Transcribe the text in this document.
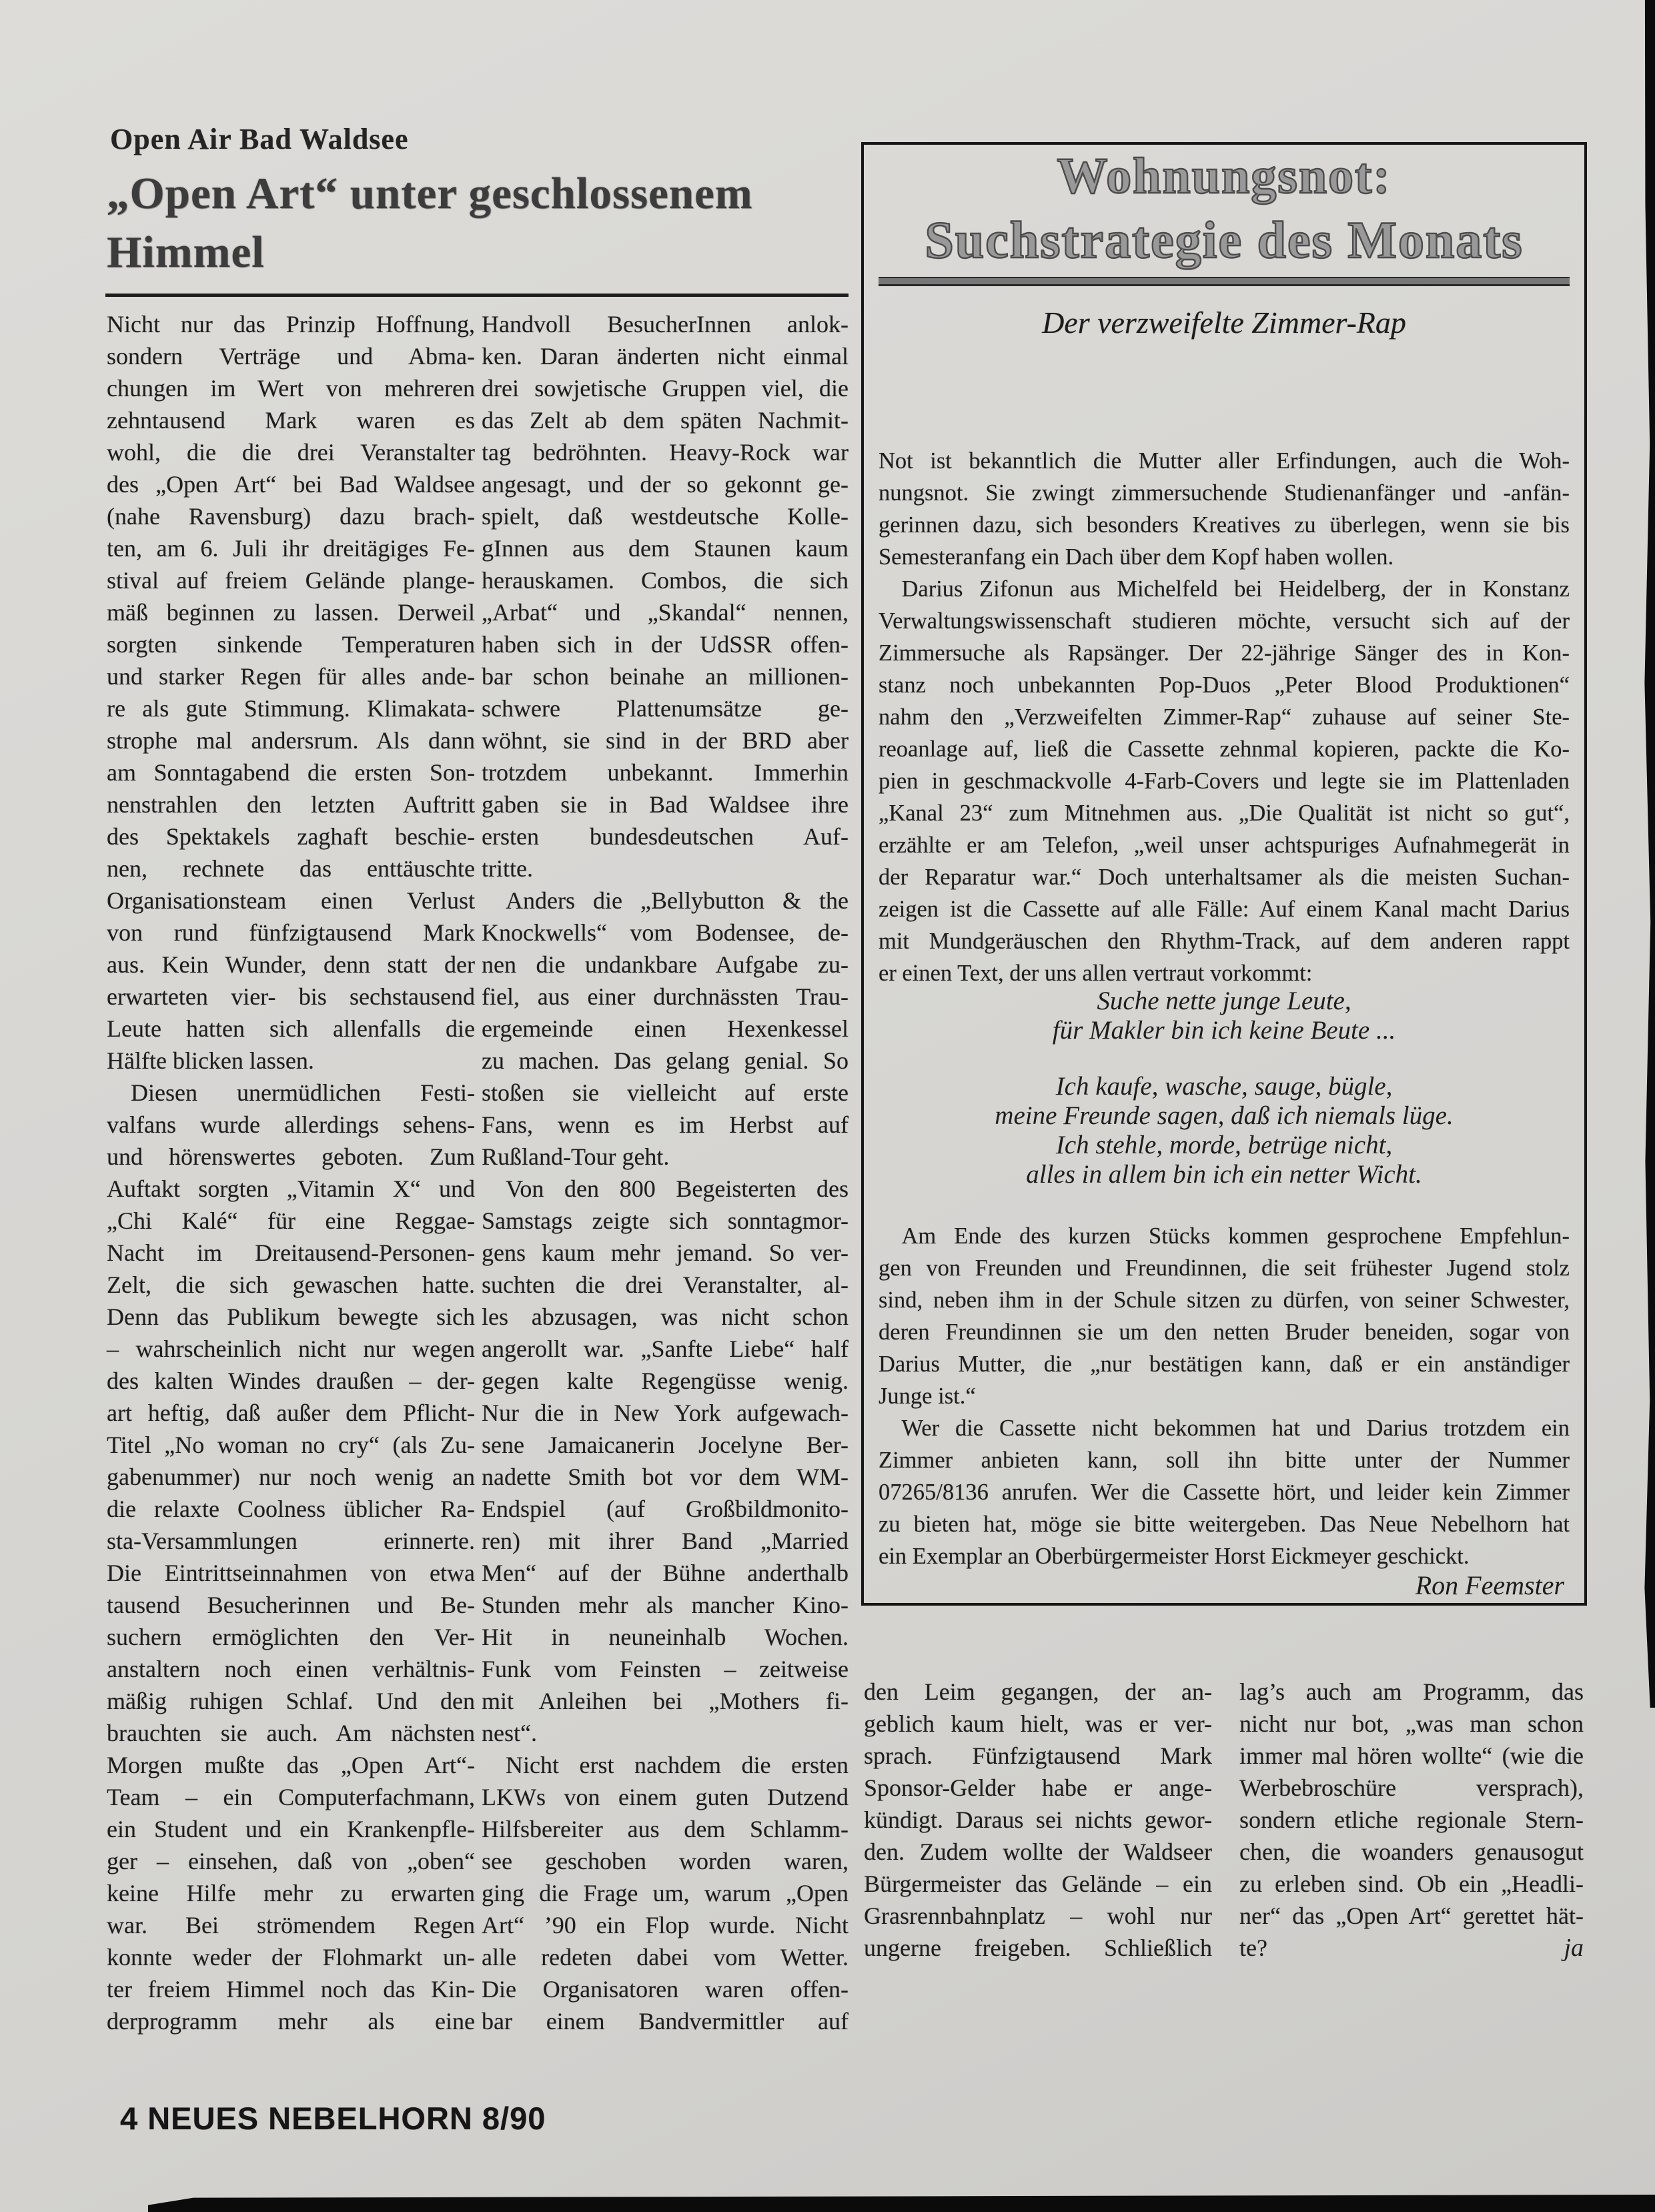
Open Air Bad Waldsee
„Open Art“ unter geschlossenem
Himmel
Nicht nur das Prinzip Hoffnung,
sondern Verträge und Abma-
chungen im Wert von mehreren
zehntausend Mark waren es
wohl, die die drei Veranstalter
des „Open Art“ bei Bad Waldsee
(nahe Ravensburg) dazu brach-
ten, am 6. Juli ihr dreitägiges Fe-
stival auf freiem Gelände plange-
mäß beginnen zu lassen. Derweil
sorgten sinkende Temperaturen
und starker Regen für alles ande-
re als gute Stimmung. Klimakata-
strophe mal andersrum. Als dann
am Sonntagabend die ersten Son-
nenstrahlen den letzten Auftritt
des Spektakels zaghaft beschie-
nen, rechnete das enttäuschte
Organisationsteam einen Verlust
von rund fünfzigtausend Mark
aus. Kein Wunder, denn statt der
erwarteten vier- bis sechstausend
Leute hatten sich allenfalls die
Hälfte blicken lassen.
 Diesen unermüdlichen Festi-
valfans wurde allerdings sehens-
und hörenswertes geboten. Zum
Auftakt sorgten „Vitamin X“ und
„Chi Kalé“ für eine Reggae-
Nacht im Dreitausend-Personen-
Zelt, die sich gewaschen hatte.
Denn das Publikum bewegte sich
– wahrscheinlich nicht nur wegen
des kalten Windes draußen – der-
art heftig, daß außer dem Pflicht-
Titel „No woman no cry“ (als Zu-
gabenummer) nur noch wenig an
die relaxte Coolness üblicher Ra-
sta-Versammlungen erinnerte.
Die Eintrittseinnahmen von etwa
tausend Besucherinnen und Be-
suchern ermöglichten den Ver-
anstaltern noch einen verhältnis-
mäßig ruhigen Schlaf. Und den
brauchten sie auch. Am nächsten
Morgen mußte das „Open Art“-
Team – ein Computerfachmann,
ein Student und ein Krankenpfle-
ger – einsehen, daß von „oben“
keine Hilfe mehr zu erwarten
war. Bei strömendem Regen
konnte weder der Flohmarkt un-
ter freiem Himmel noch das Kin-
derprogramm mehr als eine
Handvoll BesucherInnen anlok-
ken. Daran änderten nicht einmal
drei sowjetische Gruppen viel, die
das Zelt ab dem späten Nachmit-
tag bedröhnten. Heavy-Rock war
angesagt, und der so gekonnt ge-
spielt, daß westdeutsche Kolle-
gInnen aus dem Staunen kaum
herauskamen. Combos, die sich
„Arbat“ und „Skandal“ nennen,
haben sich in der UdSSR offen-
bar schon beinahe an millionen-
schwere Plattenumsätze ge-
wöhnt, sie sind in der BRD aber
trotzdem unbekannt. Immerhin
gaben sie in Bad Waldsee ihre
ersten bundesdeutschen Auf-
tritte.
 Anders die „Bellybutton & the
Knockwells“ vom Bodensee, de-
nen die undankbare Aufgabe zu-
fiel, aus einer durchnässten Trau-
ergemeinde einen Hexenkessel
zu machen. Das gelang genial. So
stoßen sie vielleicht auf erste
Fans, wenn es im Herbst auf
Rußland-Tour geht.
 Von den 800 Begeisterten des
Samstags zeigte sich sonntagmor-
gens kaum mehr jemand. So ver-
suchten die drei Veranstalter, al-
les abzusagen, was nicht schon
angerollt war. „Sanfte Liebe“ half
gegen kalte Regengüsse wenig.
Nur die in New York aufgewach-
sene Jamaicanerin Jocelyne Ber-
nadette Smith bot vor dem WM-
Endspiel (auf Großbildmonito-
ren) mit ihrer Band „Married
Men“ auf der Bühne anderthalb
Stunden mehr als mancher Kino-
Hit in neuneinhalb Wochen.
Funk vom Feinsten – zeitweise
mit Anleihen bei „Mothers fi-
nest“.
 Nicht erst nachdem die ersten
LKWs von einem guten Dutzend
Hilfsbereiter aus dem Schlamm-
see geschoben worden waren,
ging die Frage um, warum „Open
Art“ ’90 ein Flop wurde. Nicht
alle redeten dabei vom Wetter.
Die Organisatoren waren offen-
bar einem Bandvermittler auf
Wohnungsnot:
Suchstrategie des Monats
Der verzweifelte Zimmer-Rap
Not ist bekanntlich die Mutter aller Erfindungen, auch die Woh-
nungsnot. Sie zwingt zimmersuchende Studienanfänger und -anfän-
gerinnen dazu, sich besonders Kreatives zu überlegen, wenn sie bis
Semesteranfang ein Dach über dem Kopf haben wollen.
 Darius Zifonun aus Michelfeld bei Heidelberg, der in Konstanz
Verwaltungswissenschaft studieren möchte, versucht sich auf der
Zimmersuche als Rapsänger. Der 22-jährige Sänger des in Kon-
stanz noch unbekannten Pop-Duos „Peter Blood Produktionen“
nahm den „Verzweifelten Zimmer-Rap“ zuhause auf seiner Ste-
reoanlage auf, ließ die Cassette zehnmal kopieren, packte die Ko-
pien in geschmackvolle 4-Farb-Covers und legte sie im Plattenladen
„Kanal 23“ zum Mitnehmen aus. „Die Qualität ist nicht so gut“,
erzählte er am Telefon, „weil unser achtspuriges Aufnahmegerät in
der Reparatur war.“ Doch unterhaltsamer als die meisten Suchan-
zeigen ist die Cassette auf alle Fälle: Auf einem Kanal macht Darius
mit Mundgeräuschen den Rhythm-Track, auf dem anderen rappt
er einen Text, der uns allen vertraut vorkommt:
Suche nette junge Leute,
für Makler bin ich keine Beute ...
Ich kaufe, wasche, sauge, bügle,
meine Freunde sagen, daß ich niemals lüge.
Ich stehle, morde, betrüge nicht,
alles in allem bin ich ein netter Wicht.
 Am Ende des kurzen Stücks kommen gesprochene Empfehlun-
gen von Freunden und Freundinnen, die seit frühester Jugend stolz
sind, neben ihm in der Schule sitzen zu dürfen, von seiner Schwester,
deren Freundinnen sie um den netten Bruder beneiden, sogar von
Darius Mutter, die „nur bestätigen kann, daß er ein anständiger
Junge ist.“
 Wer die Cassette nicht bekommen hat und Darius trotzdem ein
Zimmer anbieten kann, soll ihn bitte unter der Nummer
07265/8136 anrufen. Wer die Cassette hört, und leider kein Zimmer
zu bieten hat, möge sie bitte weitergeben. Das Neue Nebelhorn hat
ein Exemplar an Oberbürgermeister Horst Eickmeyer geschickt.
Ron Feemster
den Leim gegangen, der an-
geblich kaum hielt, was er ver-
sprach. Fünfzigtausend Mark
Sponsor-Gelder habe er ange-
kündigt. Daraus sei nichts gewor-
den. Zudem wollte der Waldseer
Bürgermeister das Gelände – ein
Grasrennbahnplatz – wohl nur
ungerne freigeben. Schließlich
lag’s auch am Programm, das
nicht nur bot, „was man schon
immer mal hören wollte“ (wie die
Werbebroschüre versprach),
sondern etliche regionale Stern-
chen, die woanders genausogut
zu erleben sind. Ob ein „Headli-
ner“ das „Open Art“ gerettet hät-
te?	ja
4 NEUES NEBELHORN 8/90
